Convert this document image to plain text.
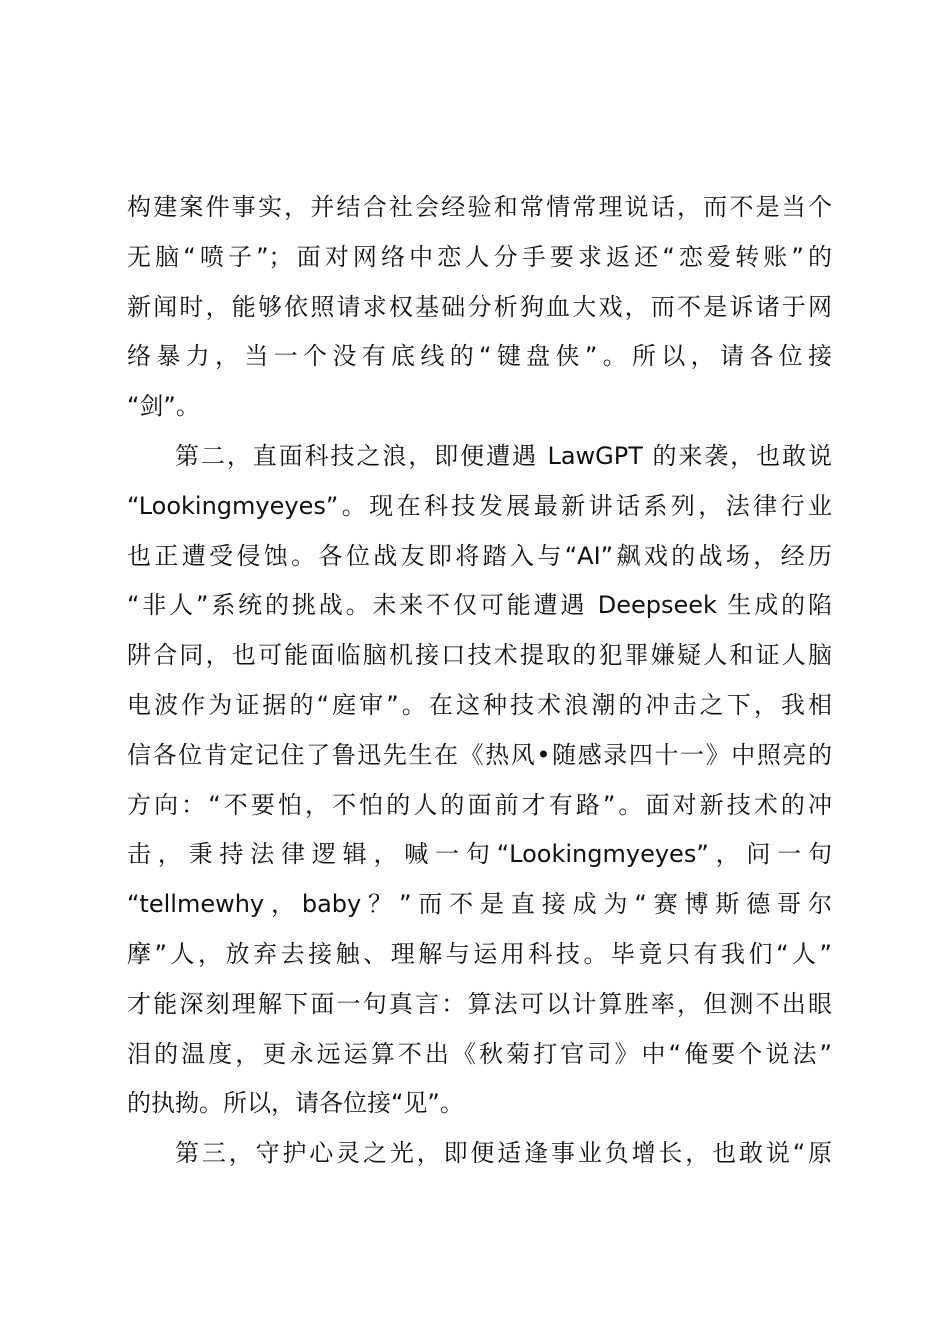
构建案件事实，并结合社会经验和常情常理说话，而不是当个
无脑“喷子”；面对网络中恋人分手要求返还“恋爱转账”的
新闻时，能够依照请求权基础分析狗血大戏，而不是诉诸于网
络暴力，当一个没有底线的“键盘侠”。所以，请各位接
“剑”。
第二，直面科技之浪，即便遭遇 LawGPT 的来袭，也敢说
“Lookingmyeyes”。现在科技发展最新讲话系列，法律行业
也正遭受侵蚀。各位战友即将踏入与“AI”飙戏的战场，经历
“非人”系统的挑战。未来不仅可能遭遇 Deepseek 生成的陷
阱合同，也可能面临脑机接口技术提取的犯罪嫌疑人和证人脑
电波作为证据的“庭审”。在这种技术浪潮的冲击之下，我相
信各位肯定记住了鲁迅先生在《热风•随感录四十一》中照亮的
方向：“不要怕，不怕的人的面前才有路”。面对新技术的冲
击，秉持法律逻辑，喊一句“Lookingmyeyes”，问一句
“tellmewhy，baby？”而不是直接成为“赛博斯德哥尔
摩”人，放弃去接触、理解与运用科技。毕竟只有我们“人”
才能深刻理解下面一句真言：算法可以计算胜率，但测不出眼
泪的温度，更永远运算不出《秋菊打官司》中“俺要个说法”
的执拗。所以，请各位接“见”。
第三，守护心灵之光，即便适逢事业负增长，也敢说“原
